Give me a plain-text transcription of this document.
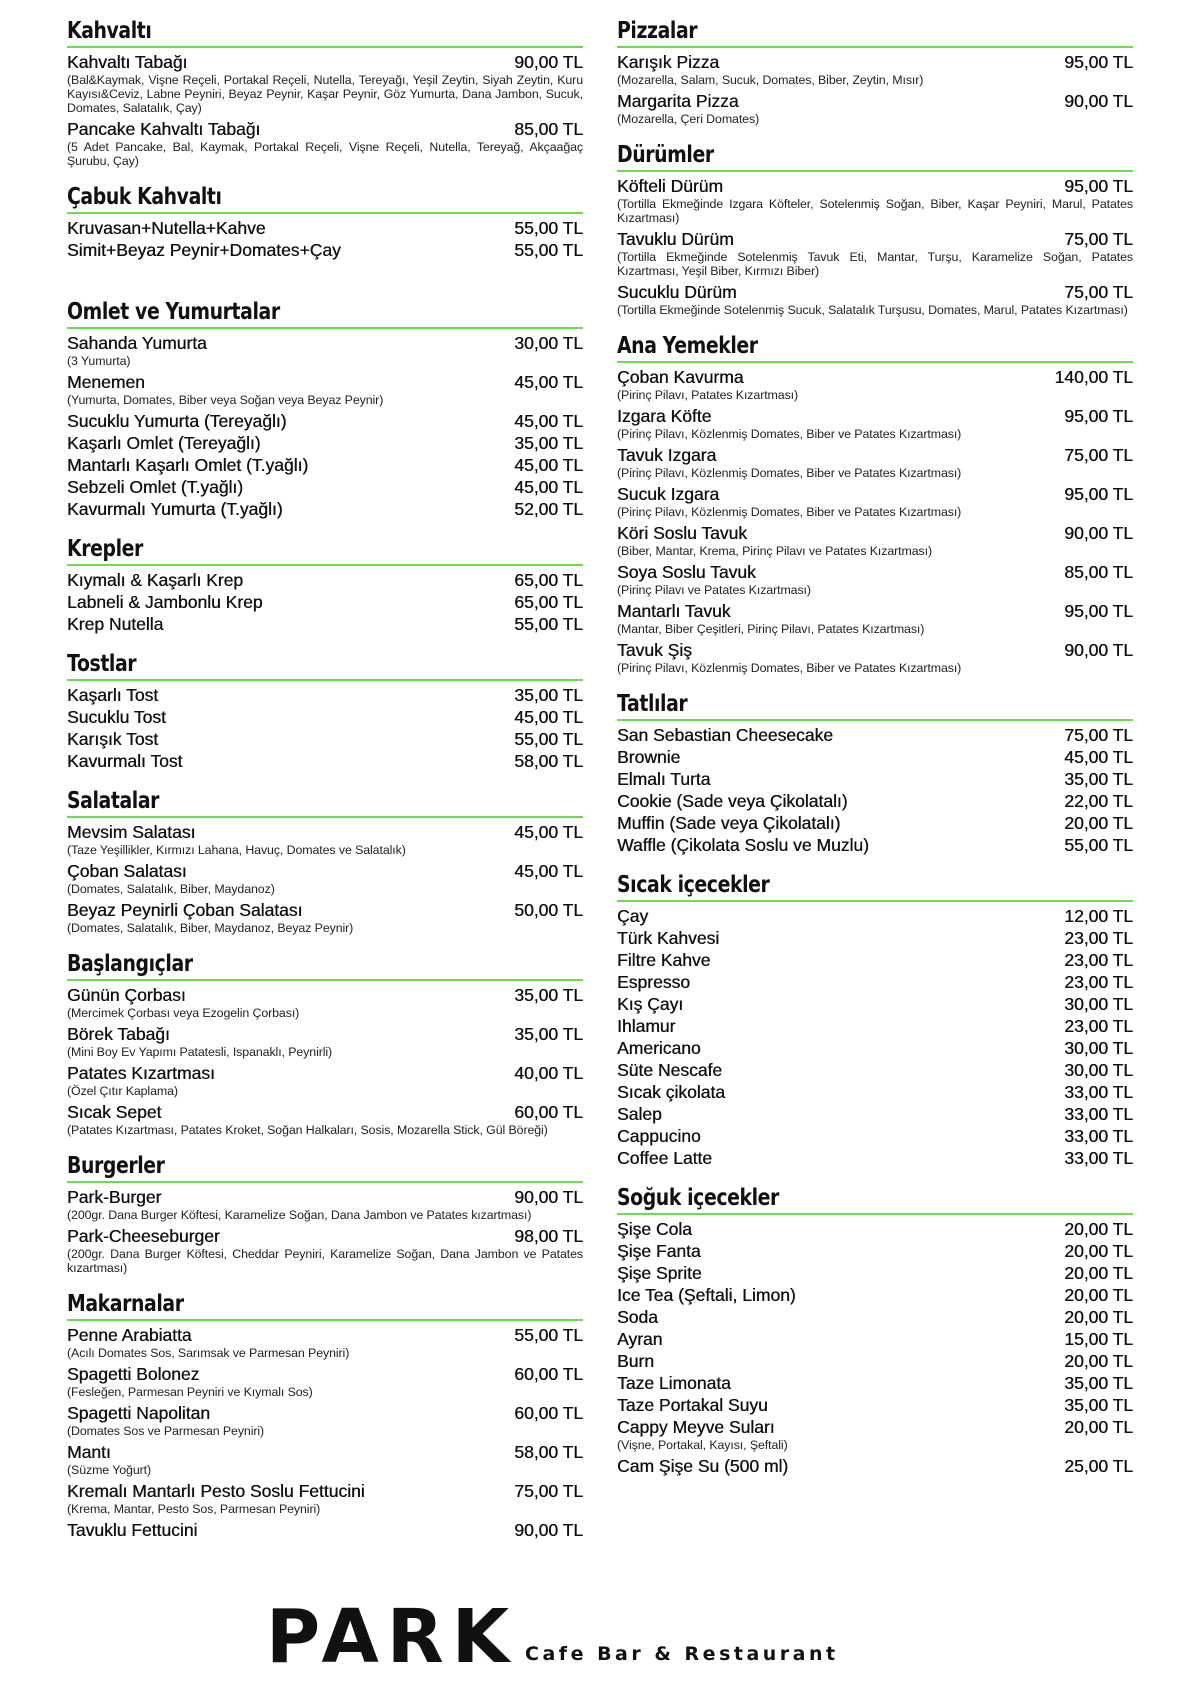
Kahvaltı
Kahvaltı Tabağı	90,00 TL
(Bal&Kaymak, Vişne Reçeli, Portakal Reçeli, Nutella, Tereyağı, Yeşil Zeytin, Siyah Zeytin, Kuru Kayısı&Ceviz, Labne Peyniri, Beyaz Peynir, Kaşar Peynir, Göz Yumurta, Dana Jambon, Sucuk, Domates, Salatalık, Çay)
Pancake Kahvaltı Tabağı	85,00 TL
(5 Adet Pancake, Bal, Kaymak, Portakal Reçeli, Vişne Reçeli, Nutella, Tereyağ, Akçaağaç Şurubu, Çay)
Çabuk Kahvaltı
Kruvasan+Nutella+Kahve	55,00 TL
Simit+Beyaz Peynir+Domates+Çay	55,00 TL
Omlet ve Yumurtalar
Sahanda Yumurta	30,00 TL
(3 Yumurta)
Menemen	45,00 TL
(Yumurta, Domates, Biber veya Soğan veya Beyaz Peynir)
Sucuklu Yumurta (Tereyağlı)	45,00 TL
Kaşarlı Omlet (Tereyağlı)	35,00 TL
Mantarlı Kaşarlı Omlet (T.yağlı)	45,00 TL
Sebzeli Omlet (T.yağlı)	45,00 TL
Kavurmalı Yumurta (T.yağlı)	52,00 TL
Krepler
Kıymalı & Kaşarlı Krep	65,00 TL
Labneli & Jambonlu Krep	65,00 TL
Krep Nutella	55,00 TL
Tostlar
Kaşarlı Tost	35,00 TL
Sucuklu Tost	45,00 TL
Karışık Tost	55,00 TL
Kavurmalı Tost	58,00 TL
Salatalar
Mevsim Salatası	45,00 TL
(Taze Yeşillikler, Kırmızı Lahana, Havuç, Domates ve Salatalık)
Çoban Salatası	45,00 TL
(Domates, Salatalık, Biber, Maydanoz)
Beyaz Peynirli Çoban Salatası	50,00 TL
(Domates, Salatalık, Biber, Maydanoz, Beyaz Peynir)
Başlangıçlar
Günün Çorbası	35,00 TL
(Mercimek Çorbası veya Ezogelin Çorbası)
Börek Tabağı	35,00 TL
(Mini Boy Ev Yapımı Patatesli, Ispanaklı, Peynirli)
Patates Kızartması	40,00 TL
(Özel Çıtır Kaplama)
Sıcak Sepet	60,00 TL
(Patates Kızartması, Patates Kroket, Soğan Halkaları, Sosis, Mozarella Stick, Gül Böreği)
Burgerler
Park-Burger	90,00 TL
(200gr. Dana Burger Köftesi, Karamelize Soğan, Dana Jambon ve Patates kızartması)
Park-Cheeseburger	98,00 TL
(200gr. Dana Burger Köftesi, Cheddar Peyniri, Karamelize Soğan, Dana Jambon ve Patates kızartması)
Makarnalar
Penne Arabiatta	55,00 TL
(Acılı Domates Sos, Sarımsak ve Parmesan Peyniri)
Spagetti Bolonez	60,00 TL
(Fesleğen, Parmesan Peyniri ve Kıymalı Sos)
Spagetti Napolitan	60,00 TL
(Domates Sos ve Parmesan Peyniri)
Mantı	58,00 TL
(Süzme Yoğurt)
Kremalı Mantarlı Pesto Soslu Fettucini	75,00 TL
(Krema, Mantar, Pesto Sos, Parmesan Peyniri)
Tavuklu Fettucini	90,00 TL
Pizzalar
Karışık Pizza	95,00 TL
(Mozarella, Salam, Sucuk, Domates, Biber, Zeytin, Mısır)
Margarita Pizza	90,00 TL
(Mozarella, Çeri Domates)
Dürümler
Köfteli Dürüm	95,00 TL
(Tortilla Ekmeğinde Izgara Köfteler, Sotelenmiş Soğan, Biber, Kaşar Peyniri, Marul, Patates Kızartması)
Tavuklu Dürüm	75,00 TL
(Tortilla Ekmeğinde Sotelenmiş Tavuk Eti, Mantar, Turşu, Karamelize Soğan, Patates Kızartması, Yeşil Biber, Kırmızı Biber)
Sucuklu Dürüm	75,00 TL
(Tortilla Ekmeğinde Sotelenmiş Sucuk, Salatalık Turşusu, Domates, Marul, Patates Kızartması)
Ana Yemekler
Çoban Kavurma	140,00 TL
(Pirinç Pilavı, Patates Kızartması)
Izgara Köfte	95,00 TL
(Pirinç Pilavı, Közlenmiş Domates, Biber ve Patates Kızartması)
Tavuk Izgara	75,00 TL
(Pirinç Pilavı, Közlenmiş Domates, Biber ve Patates Kızartması)
Sucuk Izgara	95,00 TL
(Pirinç Pilavı, Közlenmiş Domates, Biber ve Patates Kızartması)
Köri Soslu Tavuk	90,00 TL
(Biber, Mantar, Krema, Pirinç Pilavı ve Patates Kızartması)
Soya Soslu Tavuk	85,00 TL
(Pirinç Pilavı ve Patates Kızartması)
Mantarlı Tavuk	95,00 TL
(Mantar, Biber Çeşitleri, Pirinç Pilavı, Patates Kızartması)
Tavuk Şiş	90,00 TL
(Pirinç Pilavı, Közlenmiş Domates, Biber ve Patates Kızartması)
Tatlılar
San Sebastian Cheesecake	75,00 TL
Brownie	45,00 TL
Elmalı Turta	35,00 TL
Cookie (Sade veya Çikolatalı)	22,00 TL
Muffin (Sade veya Çikolatalı)	20,00 TL
Waffle (Çikolata Soslu ve Muzlu)	55,00 TL
Sıcak içecekler
Çay	12,00 TL
Türk Kahvesi	23,00 TL
Filtre Kahve	23,00 TL
Espresso	23,00 TL
Kış Çayı	30,00 TL
Ihlamur	23,00 TL
Americano	30,00 TL
Süte Nescafe	30,00 TL
Sıcak çikolata	33,00 TL
Salep	33,00 TL
Cappucino	33,00 TL
Coffee Latte	33,00 TL
Soğuk içecekler
Şişe Cola	20,00 TL
Şişe Fanta	20,00 TL
Şişe Sprite	20,00 TL
Ice Tea (Şeftali, Limon)	20,00 TL
Soda	20,00 TL
Ayran	15,00 TL
Burn	20,00 TL
Taze Limonata	35,00 TL
Taze Portakal Suyu	35,00 TL
Cappy Meyve Suları	20,00 TL
(Vişne, Portakal, Kayısı, Şeftali)
Cam Şişe Su (500 ml)	25,00 TL
PARK Cafe Bar & Restaurant
